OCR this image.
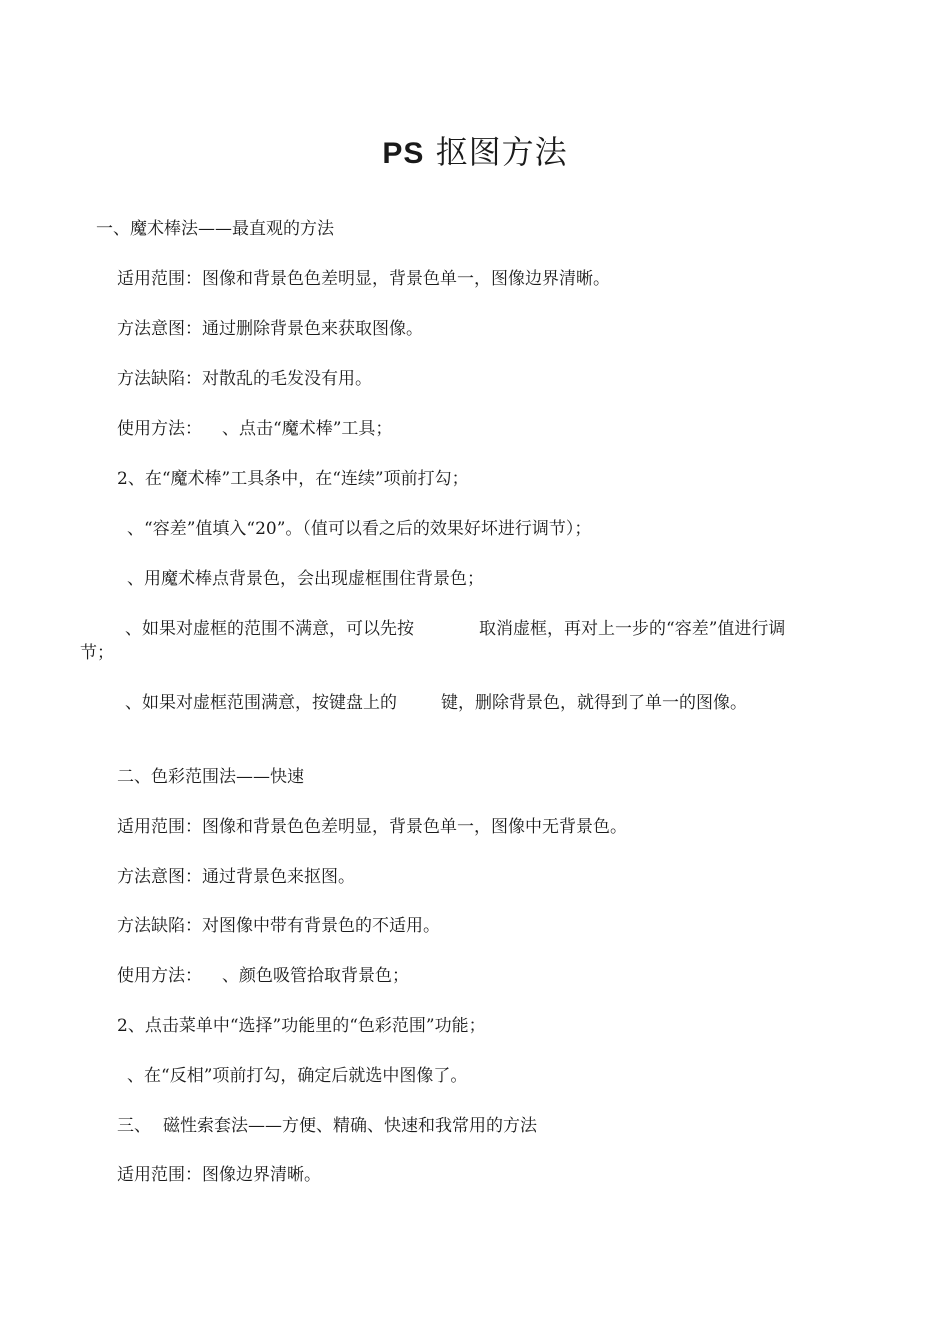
PS 抠图方法
一、魔术棒法——最直观的方法
适用范围：图像和背景色色差明显，背景色单一，图像边界清晰。
方法意图：通过删除背景色来获取图像。
方法缺陷：对散乱的毛发没有用。
使用方法： 、点击“魔术棒”工具；
2、在“魔术棒”工具条中，在“连续”项前打勾；
、“容差”值填入“20”。（值可以看之后的效果好坏进行调节）；
、用魔术棒点背景色，会出现虚框围住背景色；
、如果对虚框的范围不满意，可以先按	取消虚框，再对上一步的“容差”值进行调节；
、如果对虚框范围满意，按键盘上的	键，删除背景色，就得到了单一的图像。
二、色彩范围法——快速
适用范围：图像和背景色色差明显，背景色单一，图像中无背景色。
方法意图：通过背景色来抠图。
方法缺陷：对图像中带有背景色的不适用。
使用方法： 、颜色吸管拾取背景色；
2、点击菜单中“选择”功能里的“色彩范围”功能；
、在“反相”项前打勾，确定后就选中图像了。
三、 磁性索套法——方便、精确、快速和我常用的方法
适用范围：图像边界清晰。
